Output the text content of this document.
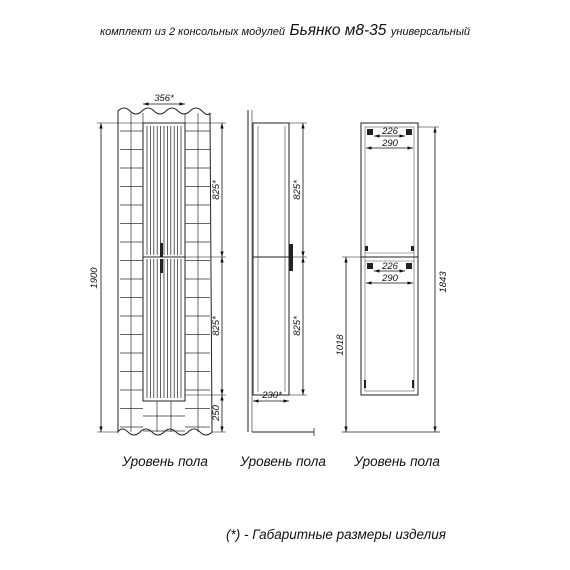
комплект из 2 консольных модулей Бьянко м8-35 универсальный
356*
1900
825*
825*
250
Уровень пола
825*
825*
230*
Уровень пола
226
290
226
290
1018
1843
Уровень пола
(*) - Габаритные размеры изделия
